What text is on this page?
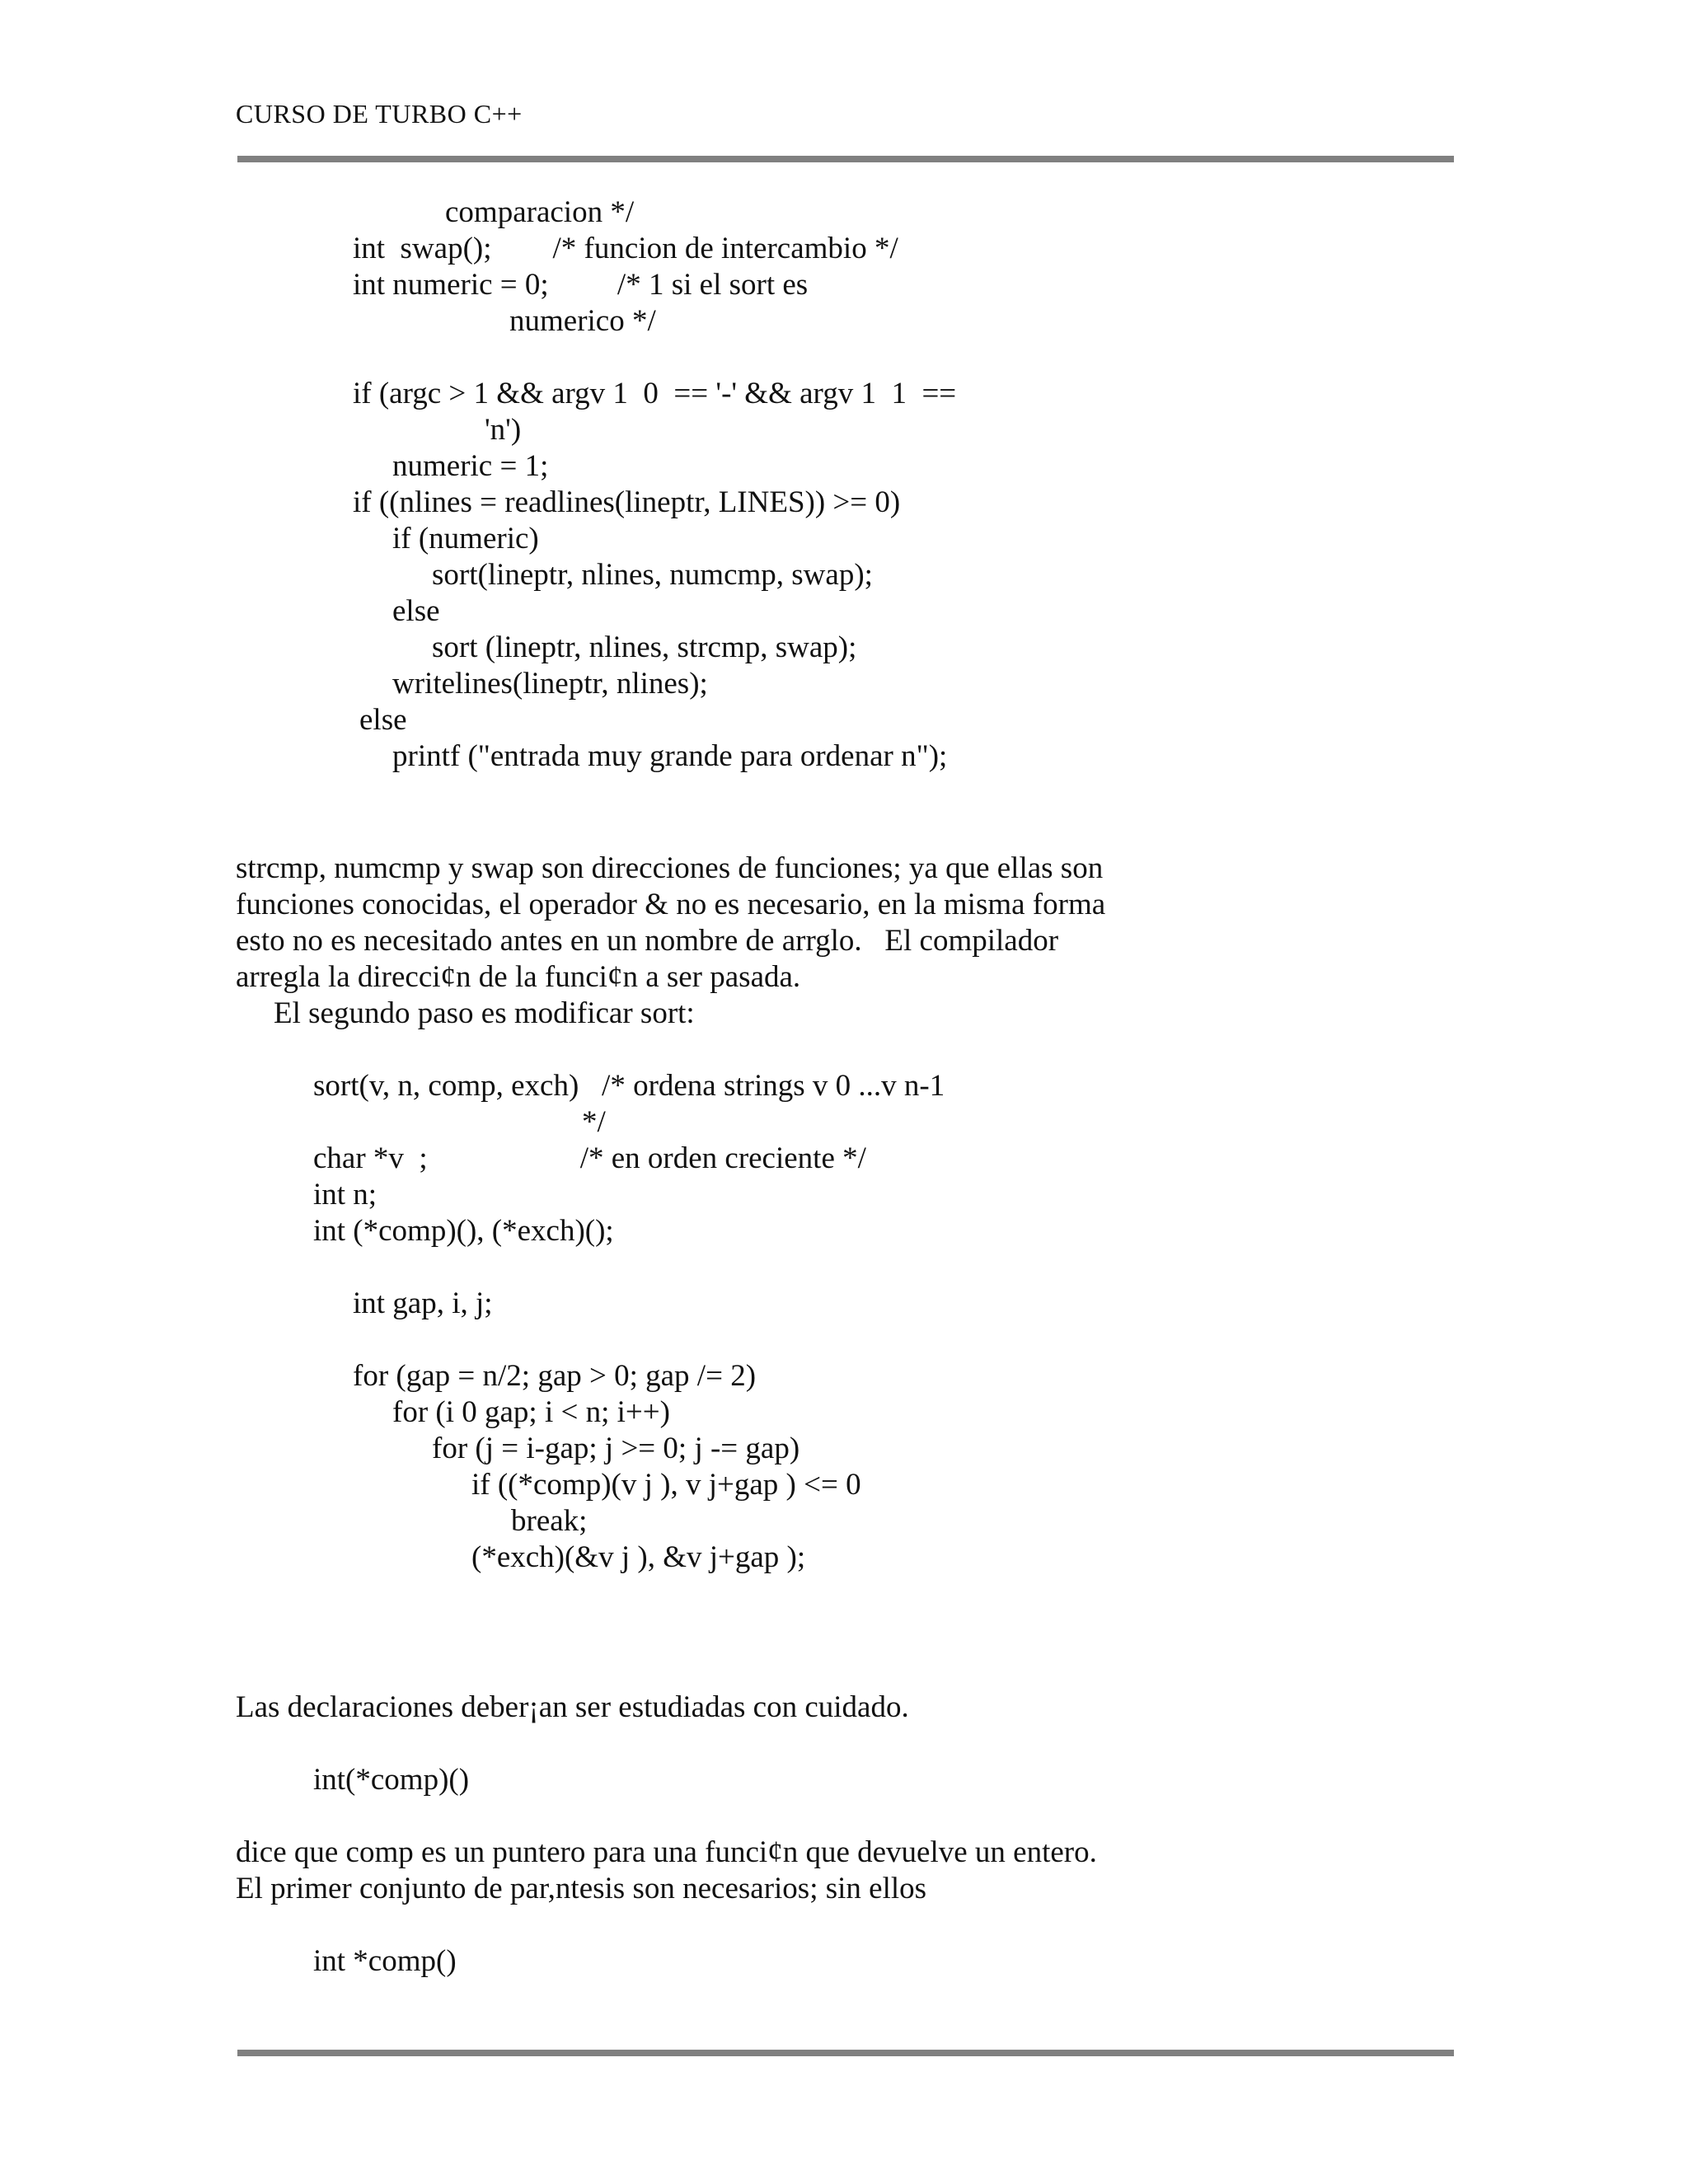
CURSO DE TURBO C++
comparacion */
int  swap();        /* funcion de intercambio */
int numeric = 0;         /* 1 si el sort es
numerico */
if (argc > 1 && argv 1  0  == '-' && argv 1  1  ==
'n')
numeric = 1;
if ((nlines = readlines(lineptr, LINES)) >= 0)
if (numeric)
sort(lineptr, nlines, numcmp, swap);
else
sort (lineptr, nlines, strcmp, swap);
writelines(lineptr, nlines);
else
printf ("entrada muy grande para ordenar n");
strcmp, numcmp y swap son direcciones de funciones; ya que ellas son
funciones conocidas, el operador & no es necesario, en la misma forma
esto no es necesitado antes en un nombre de arrglo.   El compilador
arregla la direcci¢n de la funci¢n a ser pasada.
El segundo paso es modificar sort:
sort(v, n, comp, exch)   /* ordena strings v 0 ...v n-1
*/
char *v  ;                    /* en orden creciente */
int n;
int (*comp)(), (*exch)();
int gap, i, j;
for (gap = n/2; gap > 0; gap /= 2)
for (i 0 gap; i < n; i++)
for (j = i-gap; j >= 0; j -= gap)
if ((*comp)(v j ), v j+gap ) <= 0
break;
(*exch)(&v j ), &v j+gap );
Las declaraciones deber¡an ser estudiadas con cuidado.
int(*comp)()
dice que comp es un puntero para una funci¢n que devuelve un entero.
El primer conjunto de par,ntesis son necesarios; sin ellos
int *comp()
